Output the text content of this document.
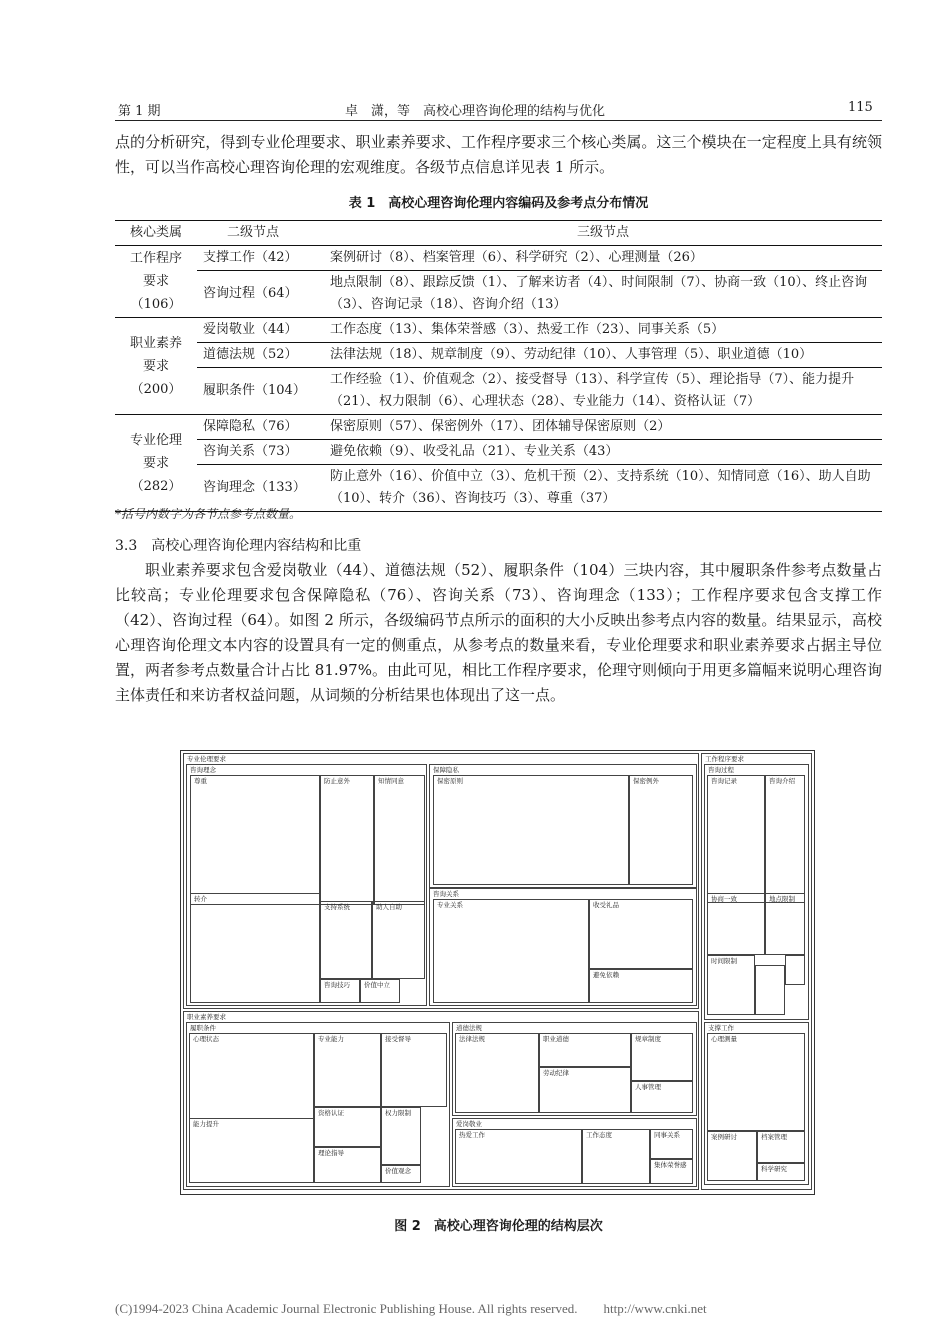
第 1 期	卓　潇，等　高校心理咨询伦理的结构与优化	115

点的分析研究，得到专业伦理要求、职业素养要求、工作程序要求三个核心类属。这三个模块在一定程度上具有统领性，可以当作高校心理咨询伦理的宏观维度。各级节点信息详见表 1 所示。

表 1　高校心理咨询伦理内容编码及参考点分布情况
核心类属	二级节点	三级节点

工作程序
要求
（106）	支撑工作（42）	案例研讨（8）、档案管理（6）、科学研究（2）、心理测量（26）
	咨询过程（64）	地点限制（8）、跟踪反馈（1）、了解来访者（4）、时间限制（7）、协商一致（10）、终止咨询（3）、咨询记录（18）、咨询介绍（13）

职业素养
要求
（200）	爱岗敬业（44）	工作态度（13）、集体荣誉感（3）、热爱工作（23）、同事关系（5）
	道德法规（52）	法律法规（18）、规章制度（9）、劳动纪律（10）、人事管理（5）、职业道德（10）
	履职条件（104）	工作经验（1）、价值观念（2）、接受督导（13）、科学宣传（5）、理论指导（7）、能力提升（21）、权力限制（6）、心理状态（28）、专业能力（14）、资格认证（7）

专业伦理
要求
（282）	保障隐私（76）	保密原则（57）、保密例外（17）、团体辅导保密原则（2）
	咨询关系（73）	避免依赖（9）、收受礼品（21）、专业关系（43）
	咨询理念（133）	防止意外（16）、价值中立（3）、危机干预（2）、支持系统（10）、知情同意（16）、助人自助（10）、转介（36）、咨询技巧（3）、尊重（37）
*括号内数字为各节点参考点数量。
3.3　 高校心理咨询伦理内容结构和比重

职业素养要求包含爱岗敬业（44）、道德法规（52）、履职条件（104）三块内容，其中履职条件参考点数量占比较高；专业伦理要求包含保障隐私（76）、咨询关系（73）、咨询理念（133）；工作程序要求包含支撑工作（42）、咨询过程（64）。如图 2 所示，各级编码节点所示的面积的大小反映出参考点内容的数量。结果显示，高校心理咨询伦理文本内容的设置具有一定的侧重点，从参考点的数量来看，专业伦理要求和职业素养要求占据主导位置，两者参考点数量合计占比 81.97%。由此可见，相比工作程序要求，伦理守则倾向于用更多篇幅来说明心理咨询主体责任和来访者权益问题，从词频的分析结果也体现出了这一点。

专业伦理要求
咨询理念
尊重	防止意外	知情同意
转介
支持系统	助人自助
咨询技巧 价值中立
保障隐私
保密原则	保密例外
咨询关系
专业关系	收受礼品
避免依赖
工作程序要求
咨询过程
咨询记录	咨询介绍
协商一致	地点限制
时间限制
支撑工作
心理测量
案例研讨	档案管理
科学研究
职业素养要求
履职条件
心理状态	专业能力	接受督导
能力提升
资格认证	权力限制
理论指导
价值观念
道德法规
法律法规	职业道德	规章制度
劳动纪律
人事管理
爱岗敬业
热爱工作	工作态度	同事关系
集体荣誉感
图 2　高校心理咨询伦理的结构层次
(C)1994-2023 China Academic Journal Electronic Publishing House. All rights reserved.　　http://www.cnki.net
